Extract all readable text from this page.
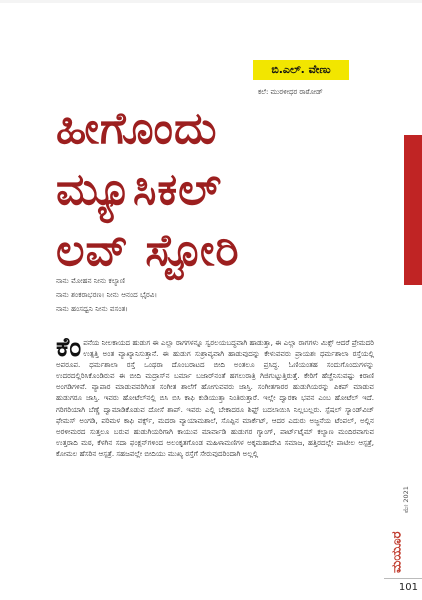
ಬಿ.ಎಲ್. ವೇಣು
ಕಲೆ: ಮುರಳೀಧರ ರಾಠೋಡ್
ಹೀಗೊಂದು
ಮ್ಯೂಸಿಕಲ್
ಲವ್ ಸ್ಟೋರಿ
ನಾನು ಮೋಹನ ನೀನು ಕಲ್ಯಾಣಿ
ನಾನು ಶಂಕರಾಭರಣ। ನೀನು ಆನಂದ ಭೈರವಿ।
ನಾನು ಹಂಸಧ್ವನಿ ನೀನು ವಸಂತ।
ಕೆಂ ಪನೆಯ ನೀಲಕಾಯದ ಹುಡುಗ ಈ ಎಲ್ಲಾ ರಾಗಗಳನ್ನೂ ಸ್ವರಲಯಬದ್ಧವಾಗಿ ಹಾಡುತ್ತಾ, ಈ ಎಲ್ಲಾ ರಾಗಗಳು ಮಿಕ್ಸ್ ಆದರೆ ಪ್ರೇಮದರಿ ಉತ್ಪತ್ತಿ ಅಂತ ವ್ಯಾಖ್ಯಾನಿಸುತ್ತಾನೆ. ಈ ಹುಡುಗ ಸುಶ್ರಾವ್ಯವಾಗಿ ಹಾಡುವುದನ್ನು ಕೇಳುವವರು ಪ್ರಾಯಶಃ ಧರ್ಮಶಾಲಾ ರಸ್ತೆಯಲ್ಲಿ ಅಪರೂಪ. ಧರ್ಮಶಾಲಾ ರಸ್ತೆ ಒಂಥರಾ ದೊಂಬರಾಟದ ಬೀದಿ ಅಂತಲೂ ಪ್ರಸಿದ್ಧ. ಓಣಿಯಂತಹ ಸಂದುಗೊಂದುಗಳನ್ನು ಉದರದಲ್ಲಿರಿಸಿಕೊಂಡಿರುವ ಈ ಬೀದಿ ಮದ್ರಾಸ್‌ನ ಬರ್ಮಾ ಬಜಾರ್‌ನಂತೆ ಹಗಲುರಾತ್ರಿ ಗಿಜಿಗುಟ್ಟುತ್ತಿರುತ್ತೆ. ಕೇರಿಗೆ ಹೆಚ್ಚೆನಿಸುವಷ್ಟು ಕಿರಾಣಿ ಅಂಗಡಿಗಳಿವೆ. ವ್ಯಾಪಾರ ಮಾಡುವವರಿಗಿಂತ ಸಂಗೀತ ಶಾಲೆಗೆ ಹೋಗುವವರು ಜಾಸ್ತಿ. ಸಂಗೀತಗಾರರ ಹುಡುಗಿಯರನ್ನು ಪಿಕಪ್ ಮಾಡುವ ಹುಡುಗರೂ ಜಾಸ್ತಿ. ಇವರು ಹೋಟೆಲ್‌ನಲ್ಲಿ ಬಿಸಿ ಬಿಸಿ ಕಾಫಿ ಕುಡಿಯುತ್ತಾ ನಿಂತಿರುತ್ತಾರೆ. ಇಲ್ಲೇ ದ್ವಾರಕಾ ಭವನ ಎಂಬ ಹೋಟೆಲ್ ಇದೆ. ಗರಿಗರಿಯಾಗಿ ಬೆಣ್ಣೆ ದ್ವಾಮಾಡಿಕೊಡುವ ದೋಸೆ ಶಾಪ್. ಇವರು ಎಲ್ಲಿ ಬೇಕಾದರೂ ಶಿಫ್ಟ್ ಬದಲಾಯಿಸಿ ನಿಲ್ಲಬಲ್ಲರು. ಸ್ಪೆಷಲ್ ಸ್ಯಾಂಡ್‌ವಿಚ್ ಫೇಮಸ್ ಅಂಗಡಿ, ಪರಿಮಳ ಕಾಫಿ ವರ್ಕ್ಸ್, ಮದರಾ ವ್ಯಾಯಾಮಶಾಲೆ, ಸೊಪ್ಪಿನ ಮಾರ್ಕೆಟ್, ಆದರ ಎದುರು ಅಜ್ಜನೆಯ ಟೆಂಪಲ್, ಅಲ್ಲಿನ ಅರಳೀಮರದ ಸುತ್ತಲೂ ಬರುವ ಹುಡುಗಿಯರಿಗಾಗಿ ಕಾಯುವ ಮಾರ್ವಾಡಿ ಹುಡುಗರ ಗ್ಯಾಂಗ್, ಪಾರ್ಟ್‌ಟೈಮ್ ಕಲ್ಯಾಣ ಮಂದಿರವಾಗುವ ಉತ್ತರಾದಿ ಮಠ, ಕೆಳಗಿನ ಸದಾ ಫಂಕ್ಷನ್‌ಗಳಿಂದ ಅಲಂಕೃತಗೊಂಡ ಮಹಿಳಾಮಣಿಗಳ ಅಕ್ಕಮಹಾದೇವಿ ಸಮಾಜ, ಹತ್ತಿರದಲ್ಲೇ ಪಾಟೀಲ ಆಸ್ಪತ್ರೆ, ಕೋಮಲ ಹೆಸರಿನ ಆಸ್ಪತ್ರೆ. ಸಹಜವಲ್ಲೇ ಬೀದಿಯು ಮುಖ್ಯ ರಸ್ತೆಗೆ ಸೇರುವುದರಿಂದಾಗಿ ಅಲ್ಲಲ್ಲಿ
ಮೇ 2021
ಮಯೂರ
101
